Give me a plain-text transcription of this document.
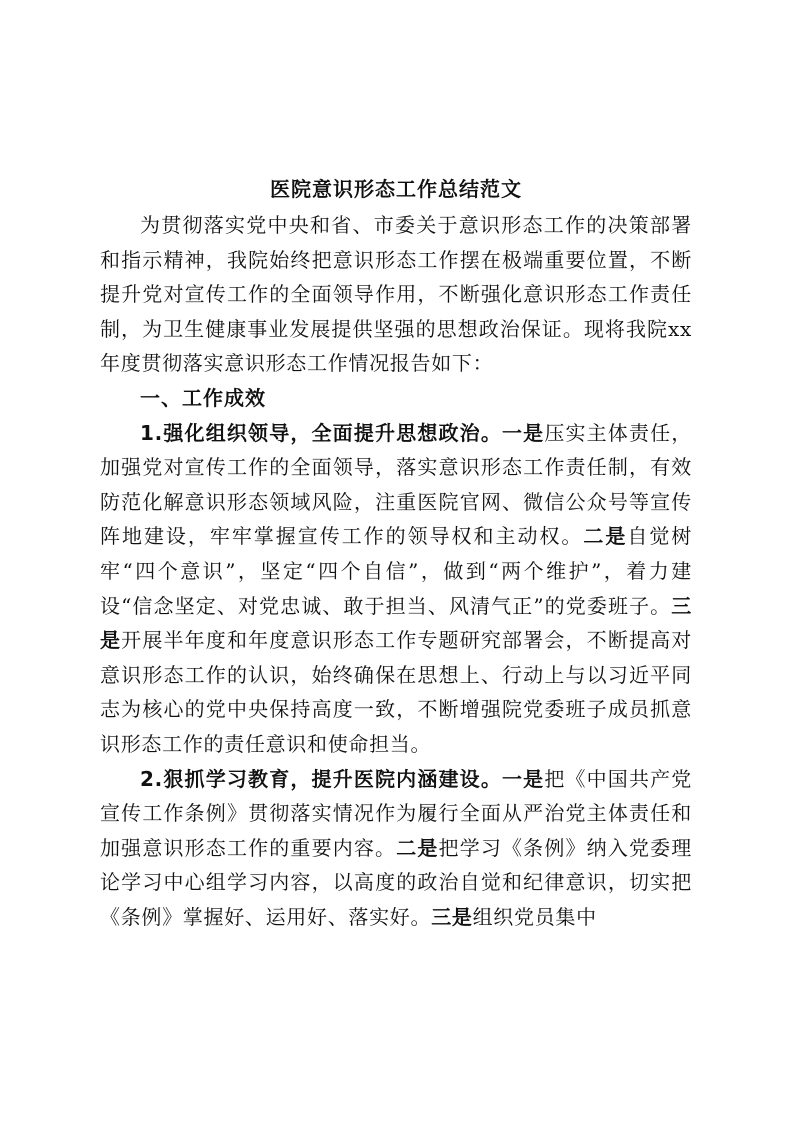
医院意识形态工作总结范文

为贯彻落实党中央和省、市委关于意识形态工作的决策部署和指示精神，我院始终把意识形态工作摆在极端重要位置，不断提升党对宣传工作的全面领导作用，不断强化意识形态工作责任制，为卫生健康事业发展提供坚强的思想政治保证。现将我院xx年度贯彻落实意识形态工作情况报告如下：

一、工作成效

1.强化组织领导，全面提升思想政治。一是压实主体责任，加强党对宣传工作的全面领导，落实意识形态工作责任制，有效防范化解意识形态领域风险，注重医院官网、微信公众号等宣传阵地建设，牢牢掌握宣传工作的领导权和主动权。二是自觉树牢“四个意识”，坚定“四个自信”，做到“两个维护”，着力建设“信念坚定、对党忠诚、敢于担当、风清气正”的党委班子。三是开展半年度和年度意识形态工作专题研究部署会，不断提高对意识形态工作的认识，始终确保在思想上、行动上与以习近平同志为核心的党中央保持高度一致，不断增强院党委班子成员抓意识形态工作的责任意识和使命担当。

2.狠抓学习教育，提升医院内涵建设。一是把《中国共产党宣传工作条例》贯彻落实情况作为履行全面从严治党主体责任和加强意识形态工作的重要内容。二是把学习《条例》纳入党委理论学习中心组学习内容，以高度的政治自觉和纪律意识，切实把《条例》掌握好、运用好、落实好。三是组织党员集中
